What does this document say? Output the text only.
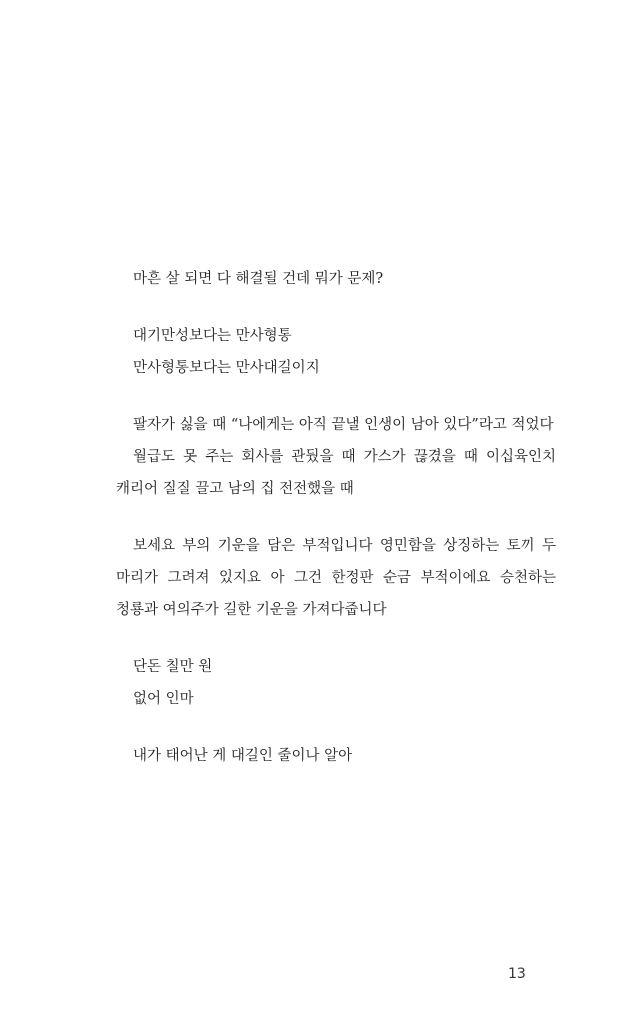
마흔 살 되면 다 해결될 건데 뭐가 문제?
대기만성보다는 만사형통
만사형통보다는 만사대길이지
팔자가 싫을 때 “나에게는 아직 끝낼 인생이 남아 있다”라고 적었다
월급도 못 주는 회사를 관뒀을 때 가스가 끊겼을 때 이십육인치 캐리어 질질 끌고 남의 집 전전했을 때
보세요 부의 기운을 담은 부적입니다 영민함을 상징하는 토끼 두 마리가 그려져 있지요 아 그건 한정판 순금 부적이에요 승천하는 청룡과 여의주가 길한 기운을 가져다줍니다
단돈 칠만 원
없어 인마
내가 태어난 게 대길인 줄이나 알아
13
